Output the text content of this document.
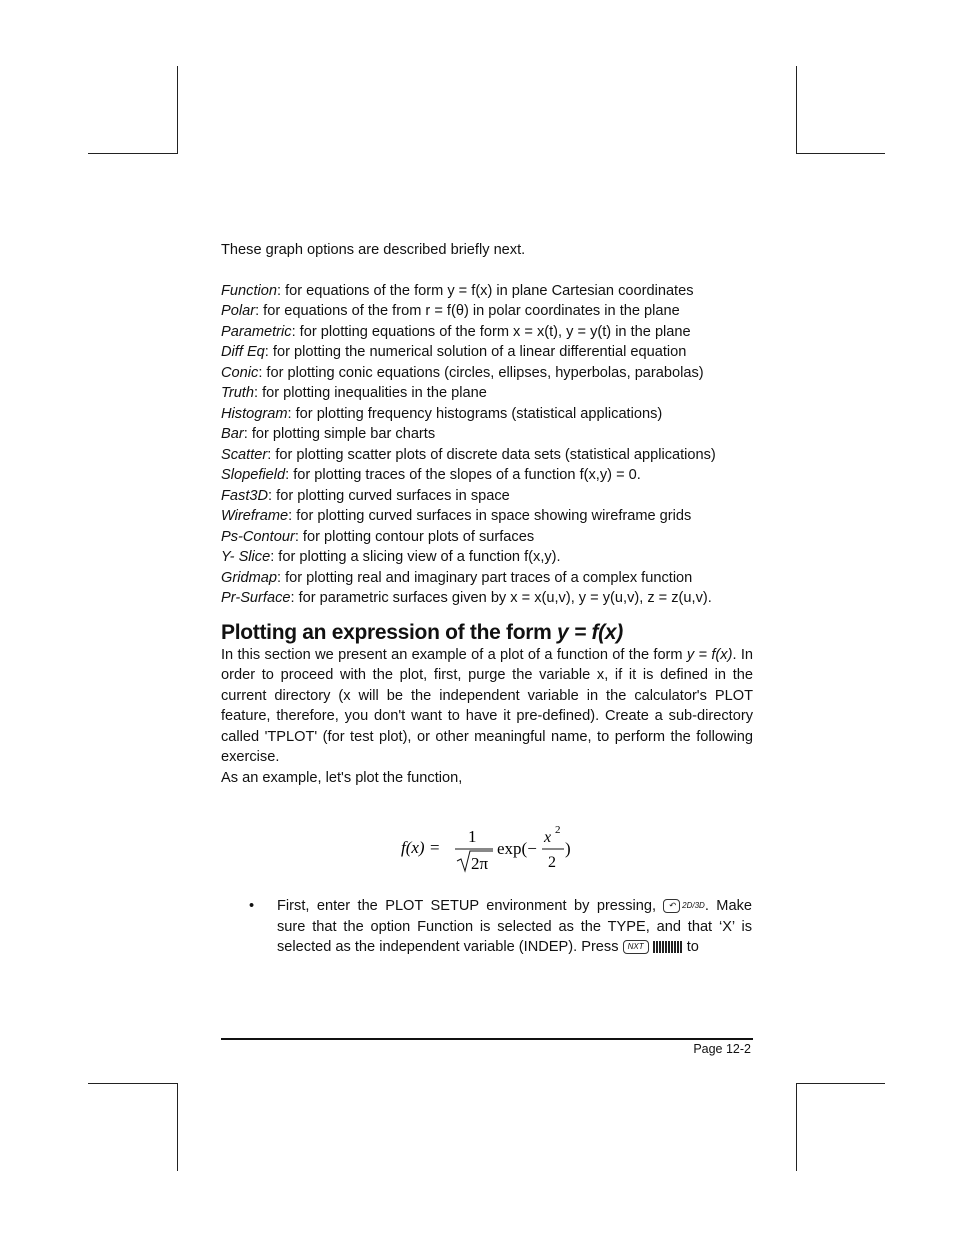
These graph options are described briefly next.

Function: for equations of the form y = f(x) in plane Cartesian coordinates

Polar: for equations of the from r = f(θ) in polar coordinates in the plane

Parametric: for plotting equations of the form x = x(t), y = y(t) in the plane

Diff Eq: for plotting the numerical solution of a linear differential equation

Conic: for plotting conic equations (circles, ellipses, hyperbolas, parabolas)

Truth: for plotting inequalities in the plane

Histogram: for plotting frequency histograms (statistical applications)

Bar: for plotting simple bar charts

Scatter: for plotting scatter plots of discrete data sets (statistical applications)

Slopefield: for plotting traces of the slopes of a function f(x,y) = 0.

Fast3D: for plotting curved surfaces in space

Wireframe: for plotting curved surfaces in space showing wireframe grids

Ps-Contour: for plotting contour plots of surfaces

Y- Slice: for plotting a slicing view of a function f(x,y).

Gridmap: for plotting real and imaginary part traces of a complex function

Pr-Surface: for parametric surfaces given by x = x(u,v), y = y(u,v), z = z(u,v).

Plotting an expression of the form y = f(x)

In this section we present an example of a plot of a function of the form y = f(x). In order to proceed with the plot, first, purge the variable x, if it is defined in the current directory (x will be the independent variable in the calculator's PLOT feature, therefore, you don't want to have it pre-defined). Create a sub-directory called 'TPLOT' (for test plot), or other meaningful name, to perform the following exercise.

As an example, let's plot the function,

f(x) =
1
2π
exp(−
x 2
2
)
• First, enter the PLOT SETUP environment by pressing, ↶ 2D/3D. Make sure that the option Function is selected as the TYPE, and that ‘X’ is selected as the independent variable (INDEP). Press NXT	to
Page 12-2
